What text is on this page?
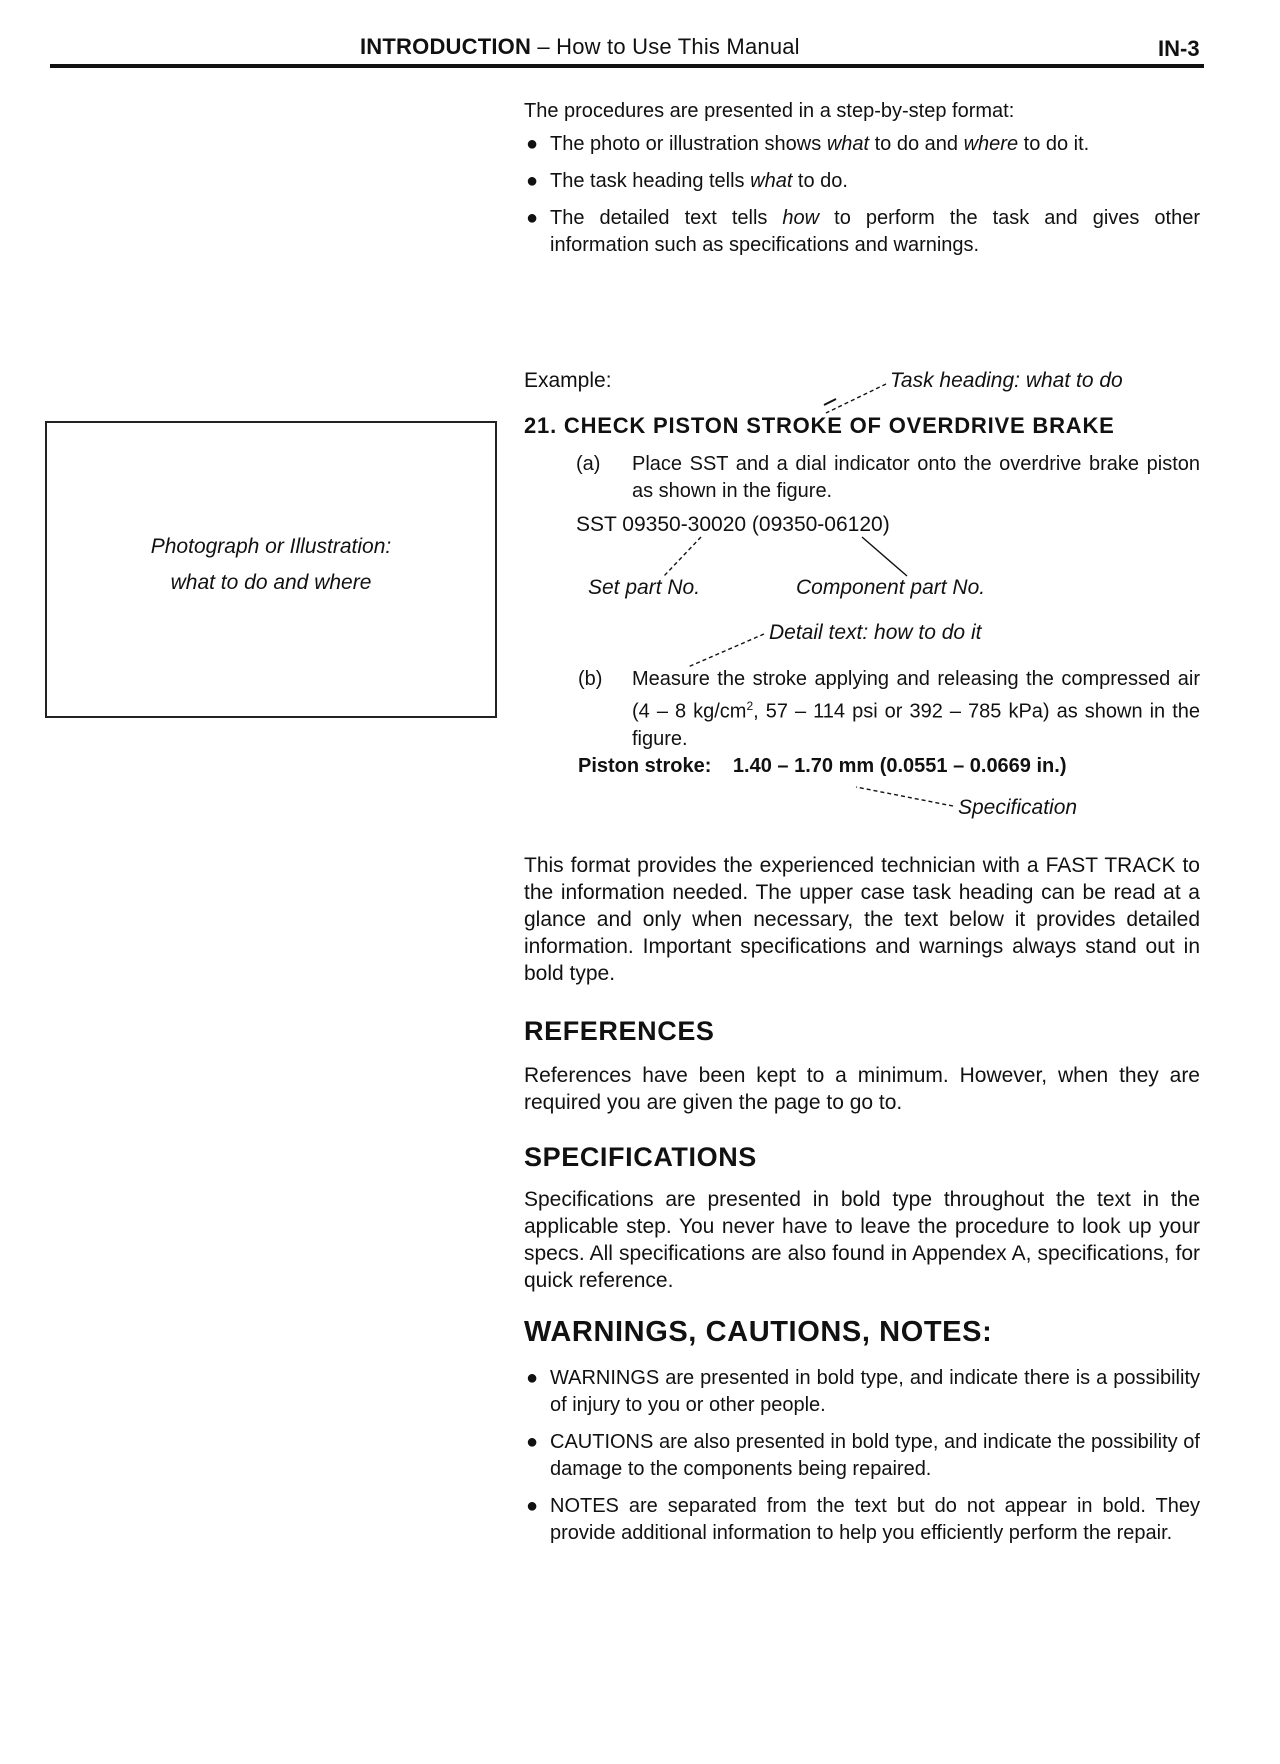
INTRODUCTION – How to Use This Manual	IN-3

The procedures are presented in a step-by-step format:

● The photo or illustration shows what to do and where to do it.
● The task heading tells what to do.
● The detailed text tells how to perform the task and gives other information such as specifications and warnings.
Photograph or Illustration:
what to do and where
Example:	Task heading: what to do
21. CHECK PISTON STROKE OF OVERDRIVE BRAKE
(a) Place SST and a dial indicator onto the overdrive brake piston as shown in the figure.
SST 09350-30020 (09350-06120)
Set part No.	Component part No.
Detail text: how to do it
(b) Measure the stroke applying and releasing the compressed air (4 – 8 $kg/cm^2$, 57 – 114 psi or 392 – 785 kPa) as shown in the figure.
Piston stroke: 1.40 – 1.70 mm (0.0551 – 0.0669 in.)
Specification

This format provides the experienced technician with a FAST TRACK to the information needed. The upper case task heading can be read at a glance and only when necessary, the text below it provides detailed information. Important specifications and warnings always stand out in bold type.

REFERENCES

References have been kept to a minimum. However, when they are required you are given the page to go to.

SPECIFICATIONS

Specifications are presented in bold type throughout the text in the applicable step. You never have to leave the procedure to look up your specs. All specifications are also found in Appendex A, specifications, for quick reference.

WARNINGS, CAUTIONS, NOTES:
● WARNINGS are presented in bold type, and indicate there is a possibility of injury to you or other people.
● CAUTIONS are also presented in bold type, and indicate the possibility of damage to the components being repaired.
● NOTES are separated from the text but do not appear in bold. They provide additional information to help you efficiently perform the repair.
